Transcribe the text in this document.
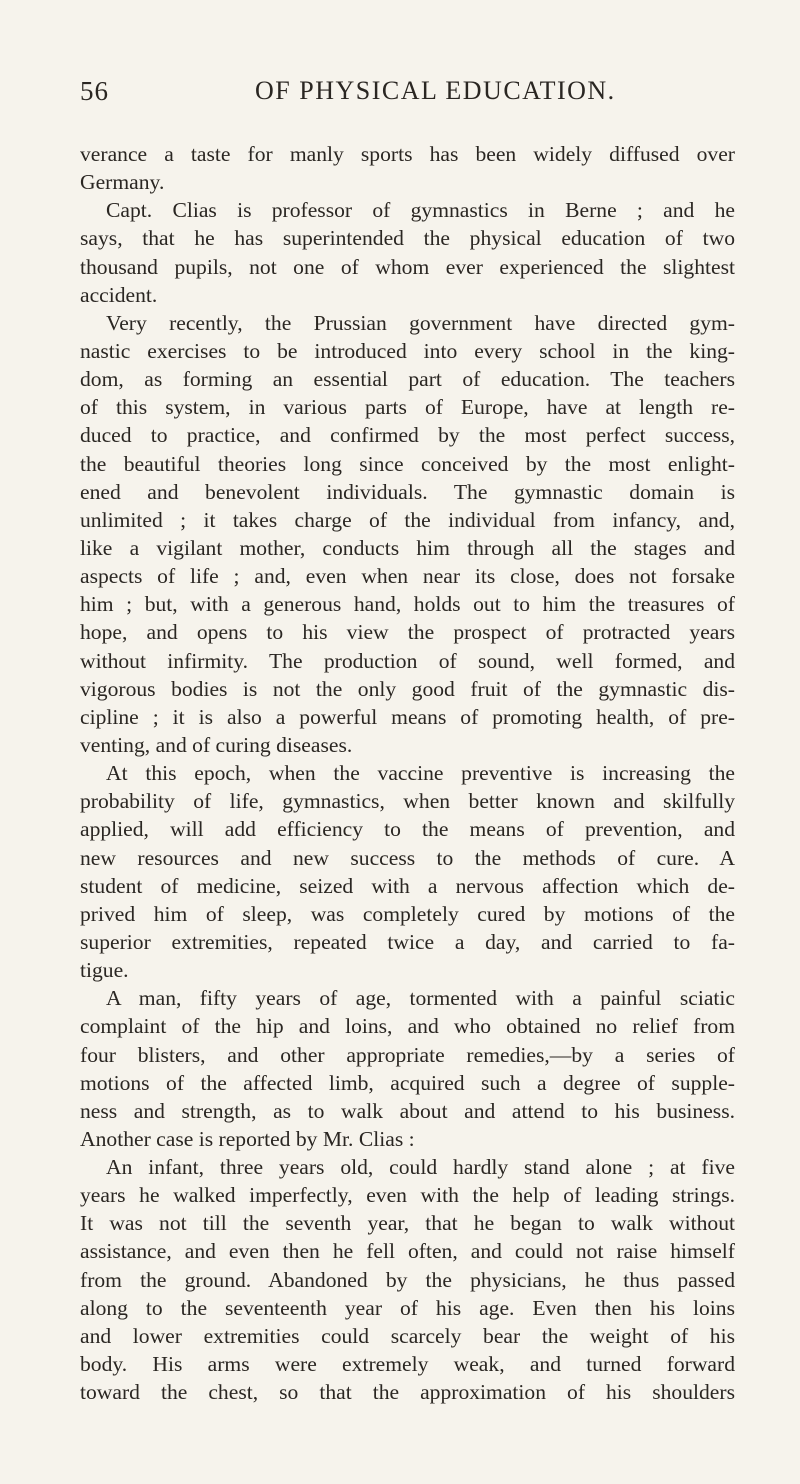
56	OF PHYSICAL EDUCATION.
verance a taste for manly sports has been widely diffused over
Germany.
Capt. Clias is professor of gymnastics in Berne ; and he
says, that he has superintended the physical education of two
thousand pupils, not one of whom ever experienced the slightest
accident.
Very recently, the Prussian government have directed gym-
nastic exercises to be introduced into every school in the king-
dom, as forming an essential part of education. The teachers
of this system, in various parts of Europe, have at length re-
duced to practice, and confirmed by the most perfect success,
the beautiful theories long since conceived by the most enlight-
ened and benevolent individuals. The gymnastic domain is
unlimited ; it takes charge of the individual from infancy, and,
like a vigilant mother, conducts him through all the stages and
aspects of life ; and, even when near its close, does not forsake
him ; but, with a generous hand, holds out to him the treasures of
hope, and opens to his view the prospect of protracted years
without infirmity. The production of sound, well formed, and
vigorous bodies is not the only good fruit of the gymnastic dis-
cipline ; it is also a powerful means of promoting health, of pre-
venting, and of curing diseases.
At this epoch, when the vaccine preventive is increasing the
probability of life, gymnastics, when better known and skilfully
applied, will add efficiency to the means of prevention, and
new resources and new success to the methods of cure. A
student of medicine, seized with a nervous affection which de-
prived him of sleep, was completely cured by motions of the
superior extremities, repeated twice a day, and carried to fa-
tigue.
A man, fifty years of age, tormented with a painful sciatic
complaint of the hip and loins, and who obtained no relief from
four blisters, and other appropriate remedies,—by a series of
motions of the affected limb, acquired such a degree of supple-
ness and strength, as to walk about and attend to his business.
Another case is reported by Mr. Clias :
An infant, three years old, could hardly stand alone ; at five
years he walked imperfectly, even with the help of leading strings.
It was not till the seventh year, that he began to walk without
assistance, and even then he fell often, and could not raise himself
from the ground. Abandoned by the physicians, he thus passed
along to the seventeenth year of his age. Even then his loins
and lower extremities could scarcely bear the weight of his
body. His arms were extremely weak, and turned forward
toward the chest, so that the approximation of his shoulders
